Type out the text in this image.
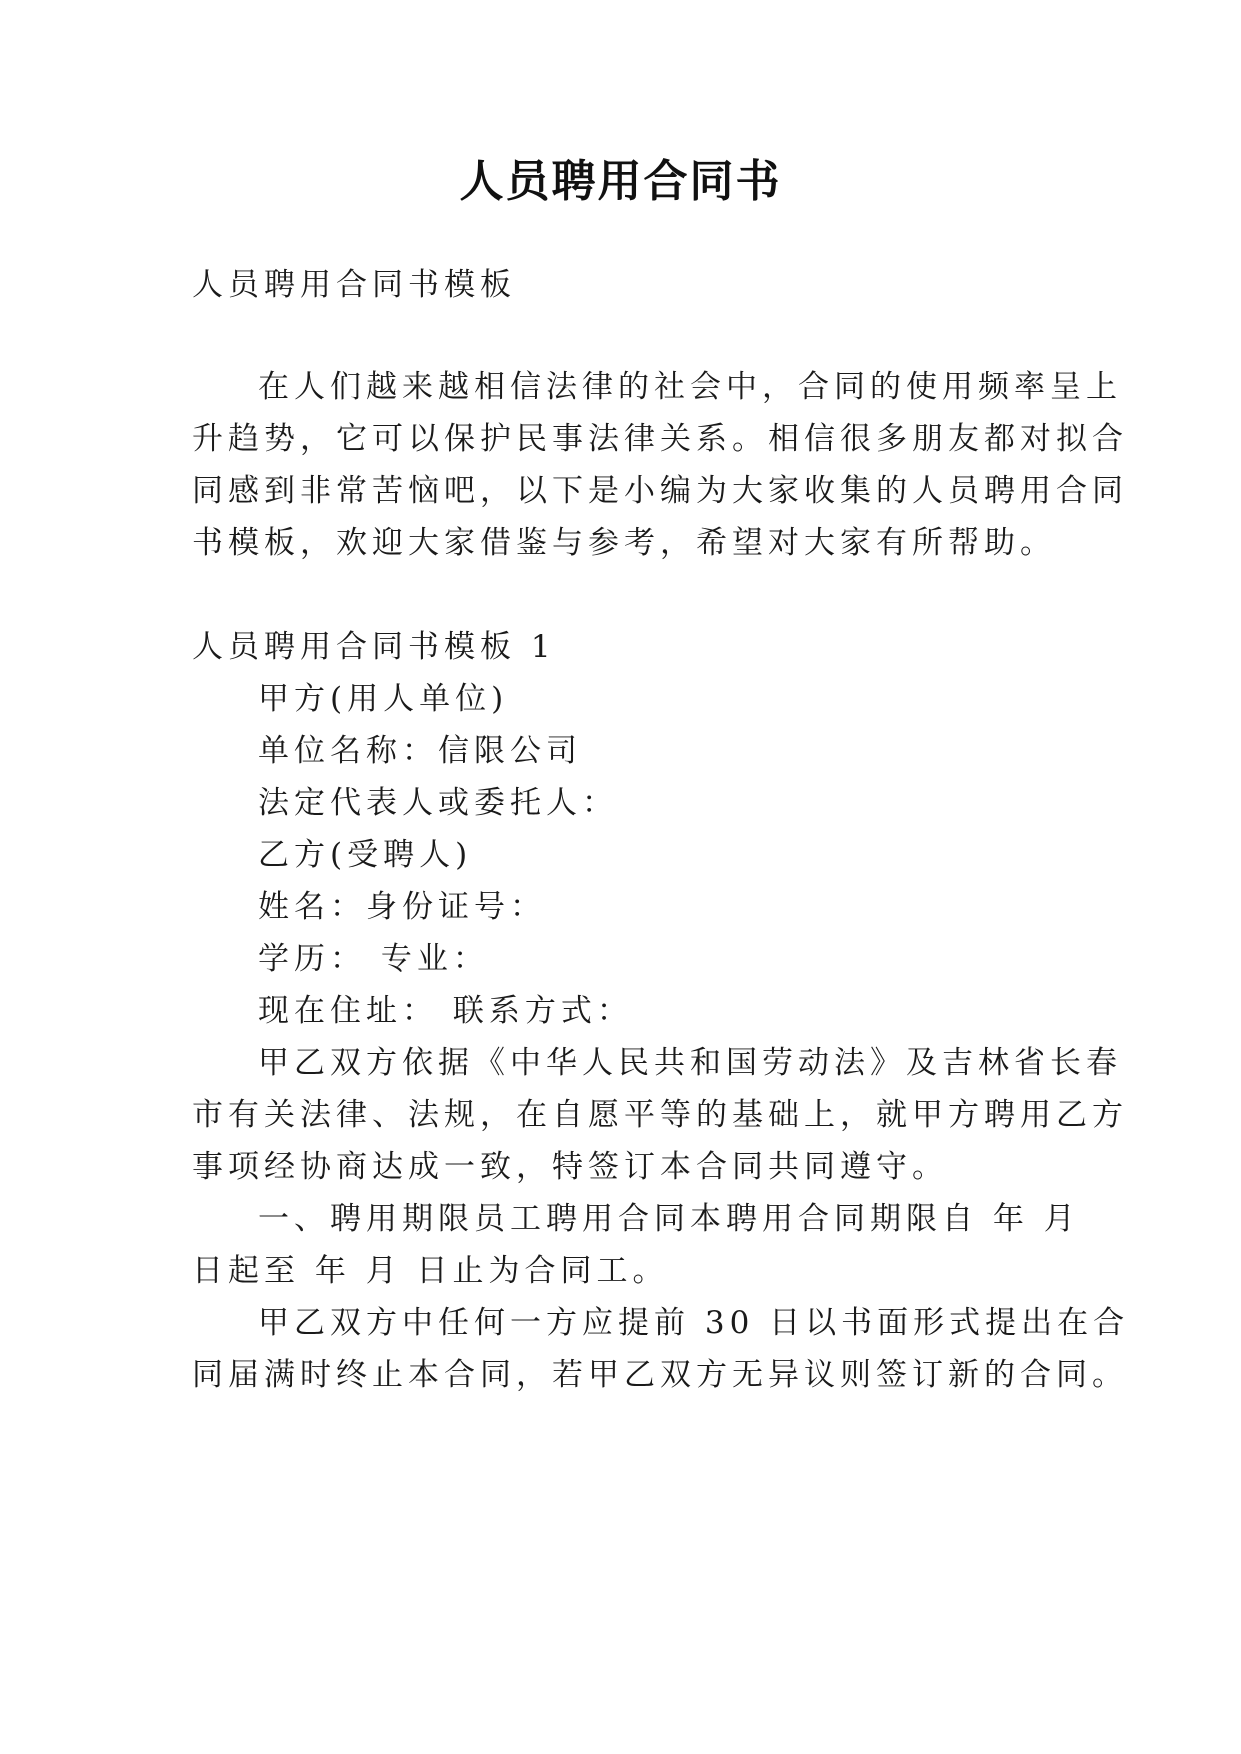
人员聘用合同书
人员聘用合同书模板
在人们越来越相信法律的社会中，合同的使用频率呈上
升趋势，它可以保护民事法律关系。相信很多朋友都对拟合
同感到非常苦恼吧，以下是小编为大家收集的人员聘用合同
书模板，欢迎大家借鉴与参考，希望对大家有所帮助。
人员聘用合同书模板 1
甲方(用人单位)
单位名称：信限公司
法定代表人或委托人：
乙方(受聘人)
姓名：身份证号：
学历： 专业：
现在住址： 联系方式：
甲乙双方依据《中华人民共和国劳动法》及吉林省长春
市有关法律、法规，在自愿平等的基础上，就甲方聘用乙方
事项经协商达成一致，特签订本合同共同遵守。
一、聘用期限员工聘用合同本聘用合同期限自 年 月
日起至 年 月 日止为合同工。
甲乙双方中任何一方应提前 30 日以书面形式提出在合
同届满时终止本合同，若甲乙双方无异议则签订新的合同。
